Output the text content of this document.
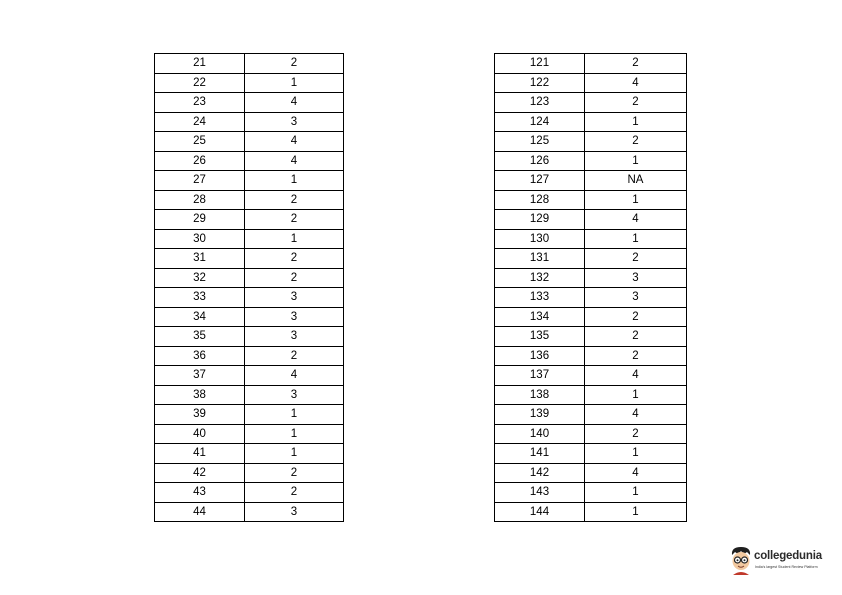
21	2
22	1
23	4
24	3
25	4
26	4
27	1
28	2
29	2
30	1
31	2
32	2
33	3
34	3
35	3
36	2
37	4
38	3
39	1
40	1
41	1
42	2
43	2
44	3
121	2
122	4
123	2
124	1
125	2
126	1
127	NA
128	1
129	4
130	1
131	2
132	3
133	3
134	2
135	2
136	2
137	4
138	1
139	4
140	2
141	1
142	4
143	1
144	1
collegedunia
India's largest Student Review Platform
